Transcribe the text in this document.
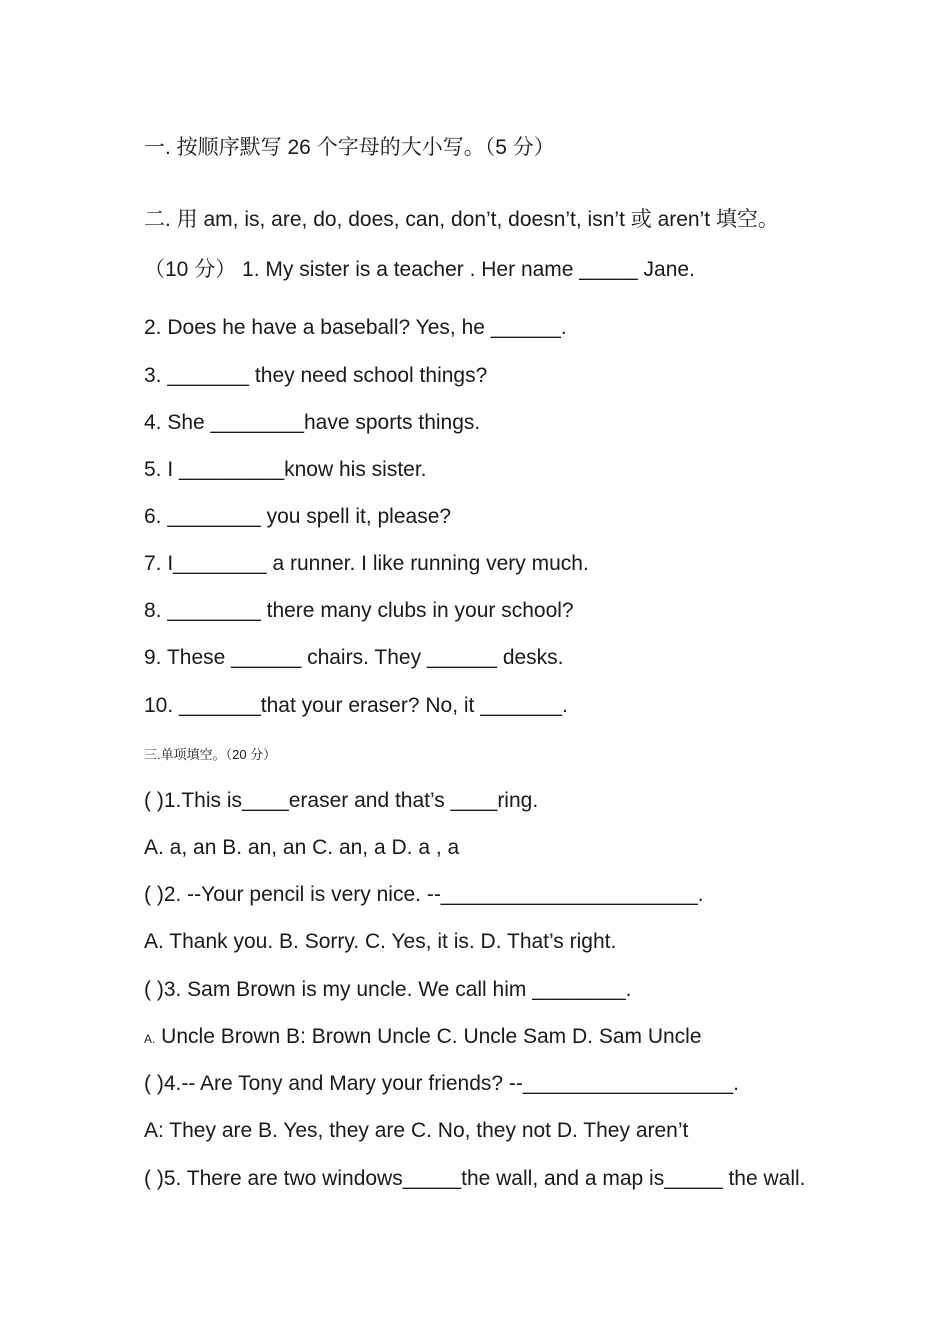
一. 按顺序默写 26 个字母的大小写。（5 分）
二. 用 am, is, are, do, does, can, don’t, doesn’t, isn’t 或 aren’t 填空。
（10 分） 1. My sister is a teacher . Her name _____ Jane.
2. Does he have a baseball? Yes, he ______.
3. _______ they need school things?
4. She ________have sports things.
5. I _________know his sister.
6. ________ you spell it, please?
7. I________ a runner. I like running very much.
8. ________ there many clubs in your school?
9. These ______ chairs. They ______ desks.
10. _______that your eraser? No, it _______.
三.单项填空。（20 分）
( )1.This is____eraser and that’s ____ring.
A. a, an B. an, an C. an, a D. a , a
( )2. --Your pencil is very nice. --______________________.
A. Thank you. B. Sorry. C. Yes, it is. D. That’s right.
( )3. Sam Brown is my uncle. We call him ________.
A. Uncle Brown B: Brown Uncle C. Uncle Sam D. Sam Uncle
( )4.-- Are Tony and Mary your friends? --__________________.
A: They are B. Yes, they are C. No, they not D. They aren’t
( )5. There are two windows_____the wall, and a map is_____ the wall.
